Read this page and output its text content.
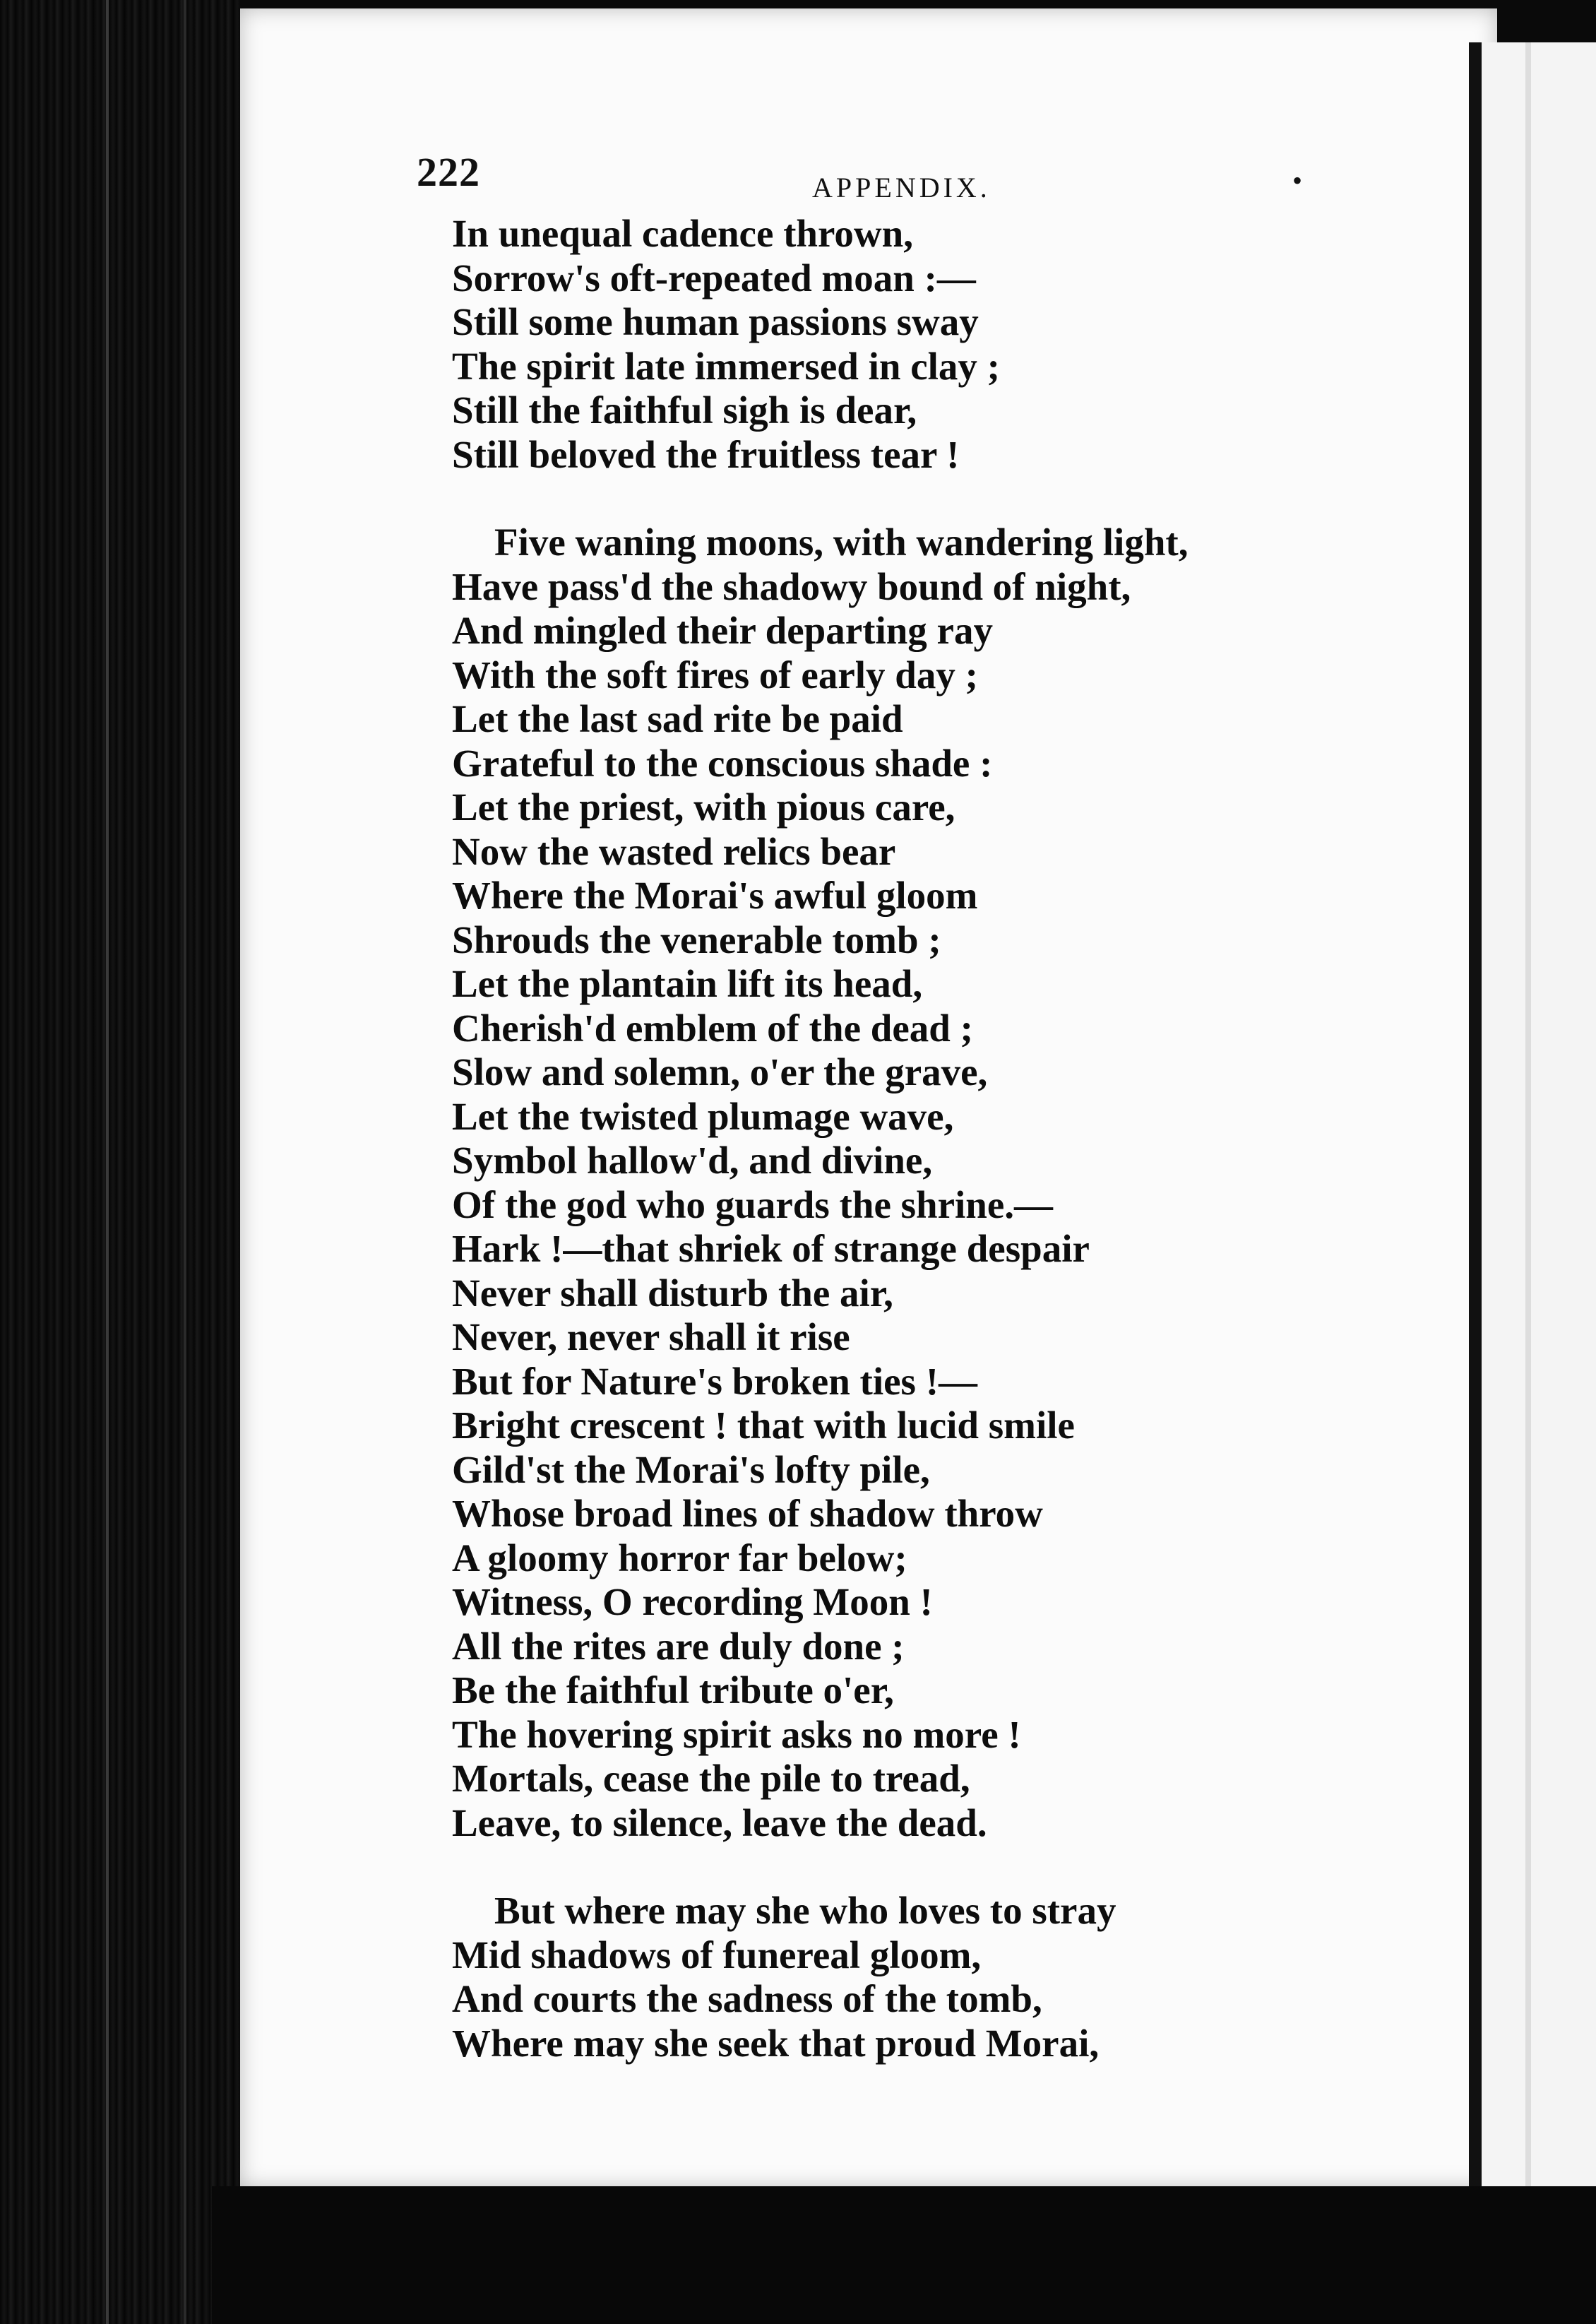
222	APPENDIX.	•
In unequal cadence thrown,
Sorrow's oft-repeated moan :—
Still some human passions sway
The spirit late immersed in clay ;
Still the faithful sigh is dear,
Still beloved the fruitless tear !
Five waning moons, with wandering light,
Have pass'd the shadowy bound of night,
And mingled their departing ray
With the soft fires of early day ;
Let the last sad rite be paid
Grateful to the conscious shade :
Let the priest, with pious care,
Now the wasted relics bear
Where the Morai's awful gloom
Shrouds the venerable tomb ;
Let the plantain lift its head,
Cherish'd emblem of the dead ;
Slow and solemn, o'er the grave,
Let the twisted plumage wave,
Symbol hallow'd, and divine,
Of the god who guards the shrine.—
Hark !—that shriek of strange despair
Never shall disturb the air,
Never, never shall it rise
But for Nature's broken ties !—
Bright crescent ! that with lucid smile
Gild'st the Morai's lofty pile,
Whose broad lines of shadow throw
A gloomy horror far below;
Witness, O recording Moon !
All the rites are duly done ;
Be the faithful tribute o'er,
The hovering spirit asks no more !
Mortals, cease the pile to tread,
Leave, to silence, leave the dead.
But where may she who loves to stray
Mid shadows of funereal gloom,
And courts the sadness of the tomb,
Where may she seek that proud Morai,
